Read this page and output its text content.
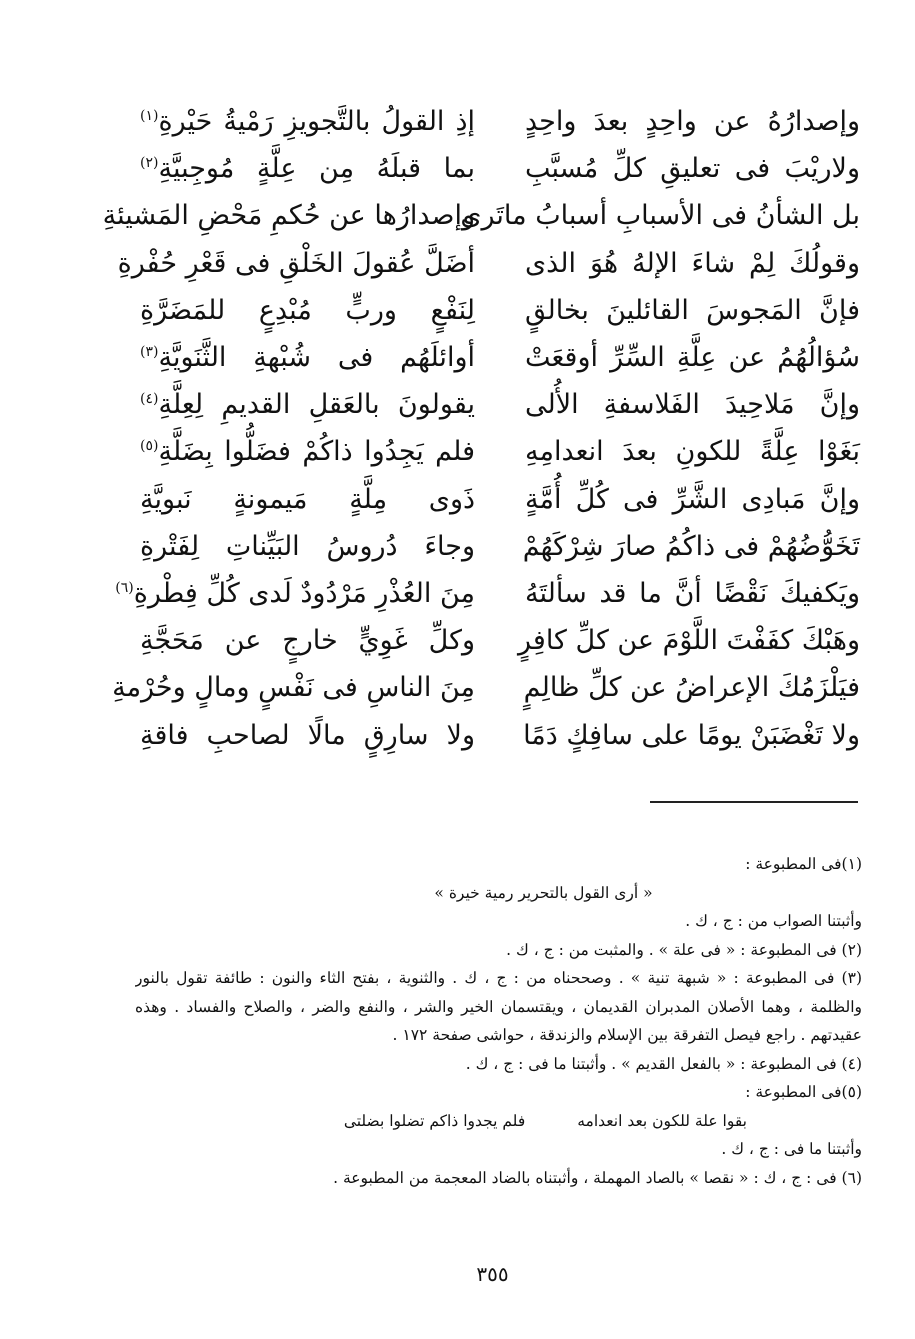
وإصدارُهُ عن واحِدٍ بعدَ واحِدٍ
إذِ القولُ بالتَّجويزِ رَمْيةُ حَيْرةِ$^{(١)}$
ولاريْبَ فى تعليقِ كلِّ مُسبَّبِ
بما قبلَهُ مِن عِلَّةٍ مُوجِبيَّةِ$^{(٢)}$
بل الشأنُ فى الأسبابِ أسبابُ ماتَرى
وإصدارُها عن حُكمِ مَحْضِ المَشيئةِ
وقولُكَ لِمْ شاءَ الإلهُ هُوَ الذى
أضَلَّ عُقولَ الخَلْقِ فى قَعْرِ حُفْرةِ
فإنَّ المَجوسَ القائلينَ بخالقٍ
لِنَفْعٍ وربٍّ مُبْدِعٍ للمَضَرَّةِ
سُؤالُهُمُ عن عِلَّةِ السِّرِّ أوقعَتْ
أوائلَهُم فى شُبْهةِ الثَّنَويَّةِ$^{(٣)}$
وإنَّ مَلاحِيدَ الفَلاسفةِ الأُلى
يقولونَ بالعَقلِ القديمِ لِعِلَّةِ$^{(٤)}$
بَغَوْا عِلَّةً للكونِ بعدَ انعدامِهِ
فلم يَجِدُوا ذاكُمْ فضَلُّوا بِضَلَّةِ$^{(٥)}$
وإنَّ مَبادِى الشَّرِّ فى كُلِّ أُمَّةٍ
ذَوى مِلَّةٍ مَيمونةٍ نَبويَّةِ
تَخَوُّضُهُمْ فى ذاكُمُ صارَ شِرْكَهُمْ
وجاءَ دُروسُ البَيِّناتِ لِفَتْرةِ
ويَكفيكَ نَقْضًا أنَّ ما قد سألتَهُ
مِنَ العُذْرِ مَرْدُودٌ لَدى كُلِّ فِطْرةِ$^{(٦)}$
وهَبْكَ كفَفْتَ اللَّوْمَ عن كلِّ كافِرٍ
وكلِّ غَوِيٍّ خارجٍ عن مَحَجَّةِ
فيَلْزَمُكَ الإعراضُ عن كلِّ ظالِمٍ
مِنَ الناسِ فى نَفْسٍ ومالٍ وحُرْمةِ
ولا تَغْضَبَنْ يومًا على سافِكٍ دَمًا
ولا سارِقٍ مالًا لصاحبِ فاقةِ
(١)فى المطبوعة :
« أرى القول بالتحرير رمية خيرة »
وأثبتنا الصواب من : ج ، ك .
(٢) فى المطبوعة : « فى علة » . والمثبت من : ج ، ك .
(٣) فى المطبوعة : « شبهة تنية » . وصححناه من : ج ، ك . والثنوية ، بفتح الثاء والنون : طائفة تقول بالنور
والظلمة ، وهما الأصلان المدبران القديمان ، ويقتسمان الخير والشر ، والنفع والضر ، والصلاح والفساد . وهذه
عقيدتهم . راجع فيصل التفرقة بين الإسلام والزندقة ، حواشى صفحة ١٧٢ .
(٤) فى المطبوعة : « بالفعل القديم » . وأثبتنا ما فى : ج ، ك .
(٥)فى المطبوعة :
بقوا علة للكون بعد انعدامه
فلم يجدوا ذاكم تضلوا بضلتى
وأثبتنا ما فى : ج ، ك .
(٦) فى : ج ، ك : « نقصا » بالصاد المهملة ، وأثبتناه بالضاد المعجمة من المطبوعة .
٣٥٥
